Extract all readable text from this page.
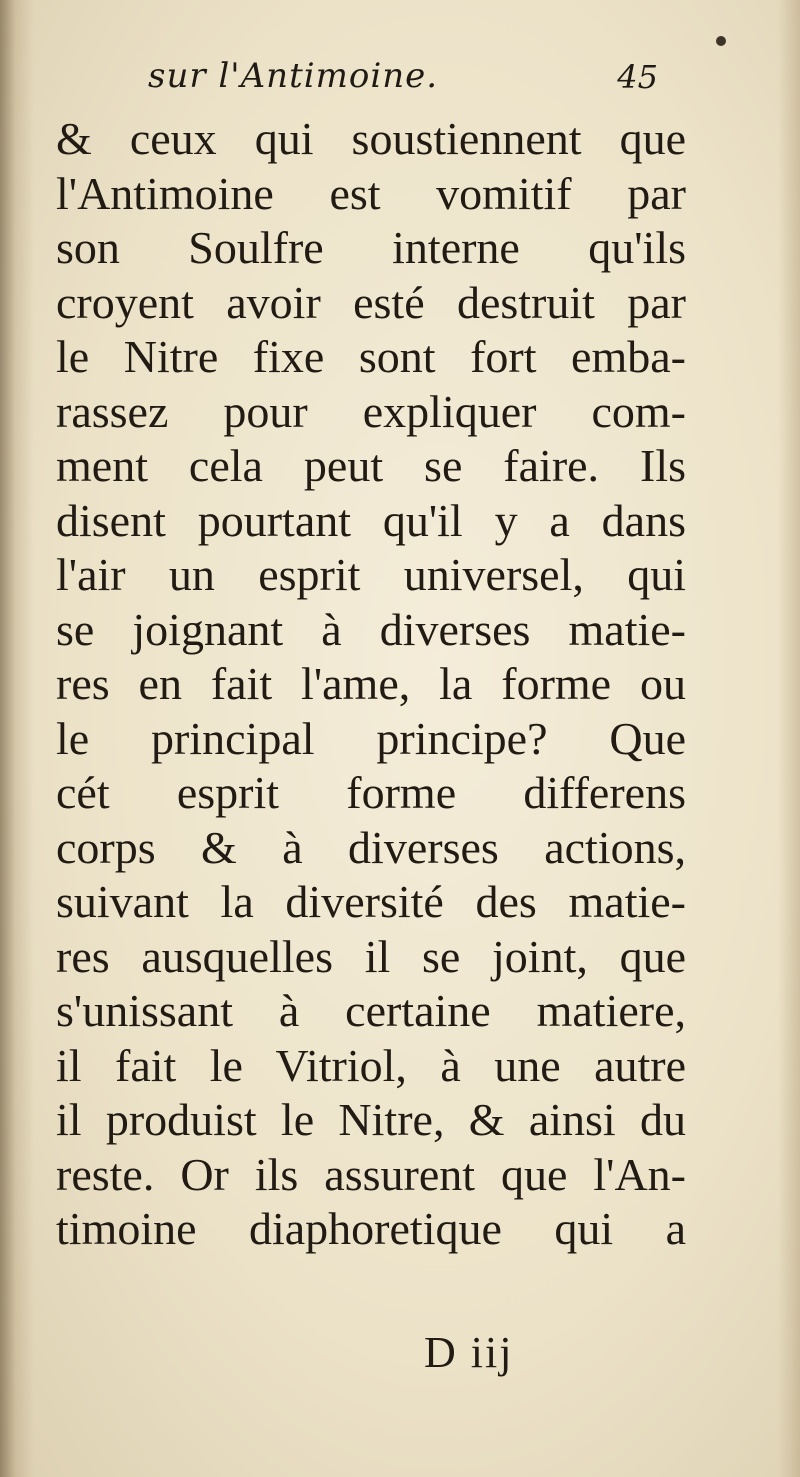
sur l'Antimoine.	45
& ceux qui soustiennent que
l'Antimoine est vomitif par
son Soulfre interne qu'ils
croyent avoir esté destruit par
le Nitre fixe sont fort emba-
rassez pour expliquer com-
ment cela peut se faire. Ils
disent pourtant qu'il y a dans
l'air un esprit universel, qui
se joignant à diverses matie-
res en fait l'ame, la forme ou
le principal principe? Que
cét esprit forme differens
corps & à diverses actions,
suivant la diversité des matie-
res ausquelles il se joint, que
s'unissant à certaine matiere,
il fait le Vitriol, à une autre
il produist le Nitre, & ainsi du
reste. Or ils assurent que l'An-
timoine diaphoretique qui a
D iij
